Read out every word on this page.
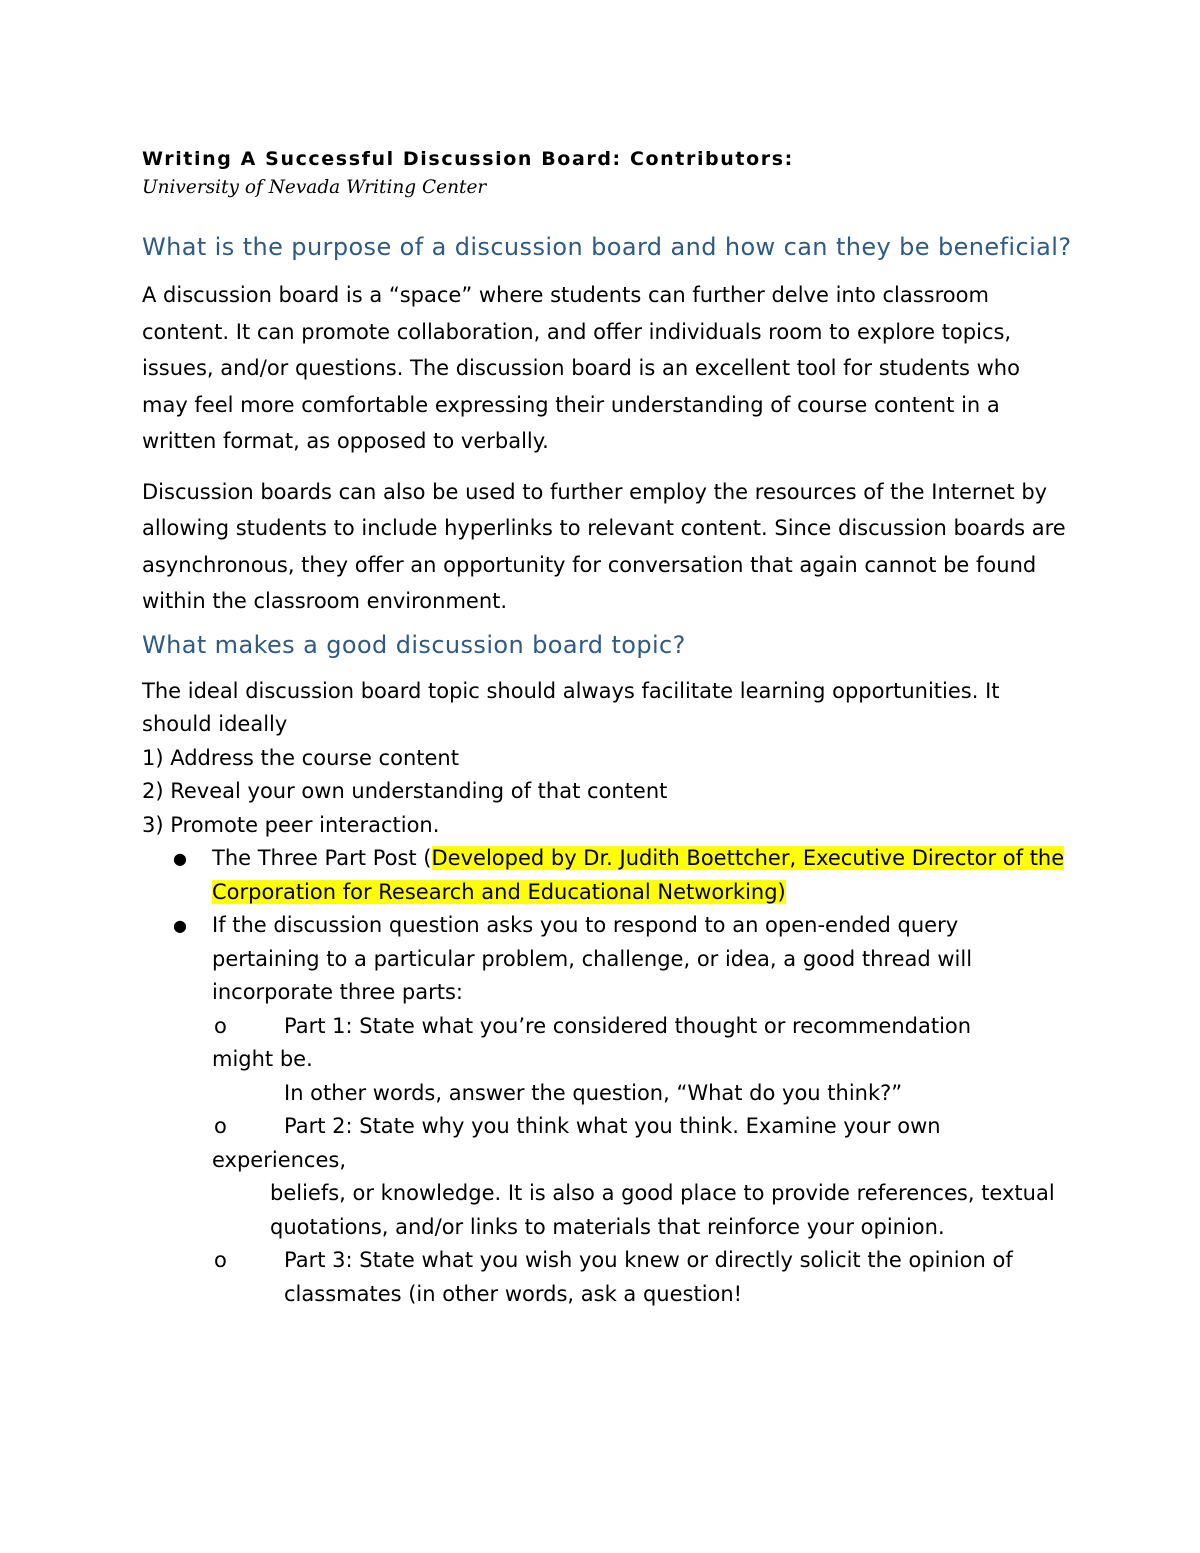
Writing A Successful Discussion Board: Contributors:

University of Nevada Writing Center

What is the purpose of a discussion board and how can they be beneficial?

A discussion board is a “space” where students can further delve into classroom content. It can promote collaboration, and offer individuals room to explore topics, issues, and/or questions. The discussion board is an excellent tool for students who may feel more comfortable expressing their understanding of course content in a written format, as opposed to verbally.

Discussion boards can also be used to further employ the resources of the Internet by allowing students to include hyperlinks to relevant content. Since discussion boards are asynchronous, they offer an opportunity for conversation that again cannot be found within the classroom environment.

What makes a good discussion board topic?

The ideal discussion board topic should always facilitate learning opportunities. It should ideally

1) Address the course content

2) Reveal your own understanding of that content

3) Promote peer interaction.

● The Three Part Post (Developed by Dr. Judith Boettcher, Executive Director of the Corporation for Research and Educational Networking)
● If the discussion question asks you to respond to an open-ended query pertaining to a particular problem, challenge, or idea, a good thread will incorporate three parts:
o	Part 1: State what you’re considered thought or recommendation
might be.
In other words, answer the question, “What do you think?”
o	Part 2: State why you think what you think. Examine your own
experiences,
beliefs, or knowledge. It is also a good place to provide references, textual quotations, and/or links to materials that reinforce your opinion.
o	Part 3: State what you wish you knew or directly solicit the opinion of classmates (in other words, ask a question!
